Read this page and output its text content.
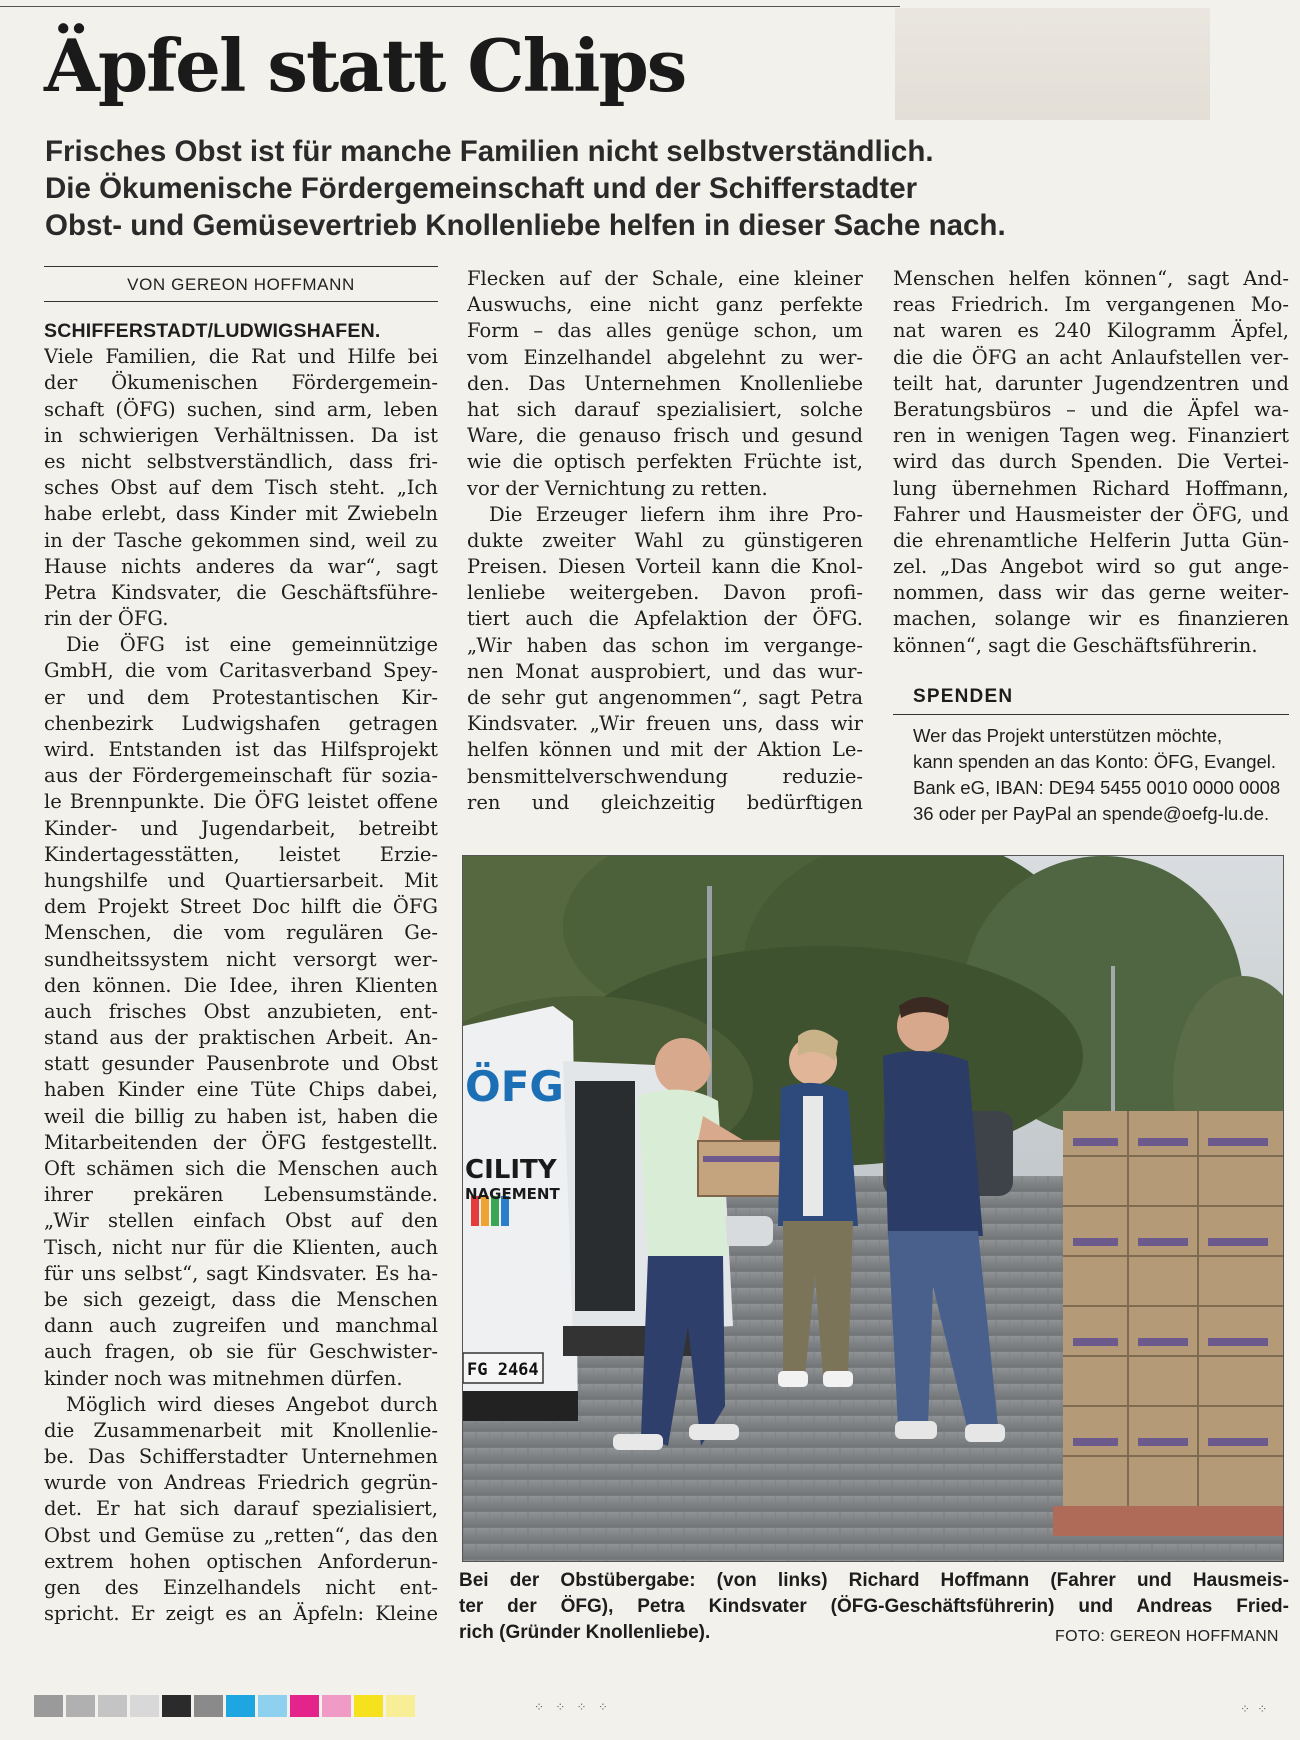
Äpfel statt Chips
Frisches Obst ist für manche Familien nicht selbstverständlich.
Die Ökumenische Fördergemeinschaft und der Schifferstadter
Obst- und Gemüsevertrieb Knollenliebe helfen in dieser Sache nach.
VON GEREON HOFFMANN
SCHIFFERSTADT/LUDWIGSHAFEN.
Viele Familien, die Rat und Hilfe bei
der Ökumenischen Fördergemein-
schaft (ÖFG) suchen, sind arm, leben
in schwierigen Verhältnissen. Da ist
es nicht selbstverständlich, dass fri-
sches Obst auf dem Tisch steht. „Ich
habe erlebt, dass Kinder mit Zwiebeln
in der Tasche gekommen sind, weil zu
Hause nichts anderes da war“, sagt
Petra Kindsvater, die Geschäftsführe-
rin der ÖFG.
Die ÖFG ist eine gemeinnützige
GmbH, die vom Caritasverband Spey-
er und dem Protestantischen Kir-
chenbezirk Ludwigshafen getragen
wird. Entstanden ist das Hilfsprojekt
aus der Fördergemeinschaft für sozia-
le Brennpunkte. Die ÖFG leistet offene
Kinder- und Jugendarbeit, betreibt
Kindertagesstätten, leistet Erzie-
hungshilfe und Quartiersarbeit. Mit
dem Projekt Street Doc hilft die ÖFG
Menschen, die vom regulären Ge-
sundheitssystem nicht versorgt wer-
den können. Die Idee, ihren Klienten
auch frisches Obst anzubieten, ent-
stand aus der praktischen Arbeit. An-
statt gesunder Pausenbrote und Obst
haben Kinder eine Tüte Chips dabei,
weil die billig zu haben ist, haben die
Mitarbeitenden der ÖFG festgestellt.
Oft schämen sich die Menschen auch
ihrer prekären Lebensumstände.
„Wir stellen einfach Obst auf den
Tisch, nicht nur für die Klienten, auch
für uns selbst“, sagt Kindsvater. Es ha-
be sich gezeigt, dass die Menschen
dann auch zugreifen und manchmal
auch fragen, ob sie für Geschwister-
kinder noch was mitnehmen dürfen.
Möglich wird dieses Angebot durch
die Zusammenarbeit mit Knollenlie-
be. Das Schifferstadter Unternehmen
wurde von Andreas Friedrich gegrün-
det. Er hat sich darauf spezialisiert,
Obst und Gemüse zu „retten“, das den
extrem hohen optischen Anforderun-
gen des Einzelhandels nicht ent-
spricht. Er zeigt es an Äpfeln: Kleine
Flecken auf der Schale, eine kleiner
Auswuchs, eine nicht ganz perfekte
Form – das alles genüge schon, um
vom Einzelhandel abgelehnt zu wer-
den. Das Unternehmen Knollenliebe
hat sich darauf spezialisiert, solche
Ware, die genauso frisch und gesund
wie die optisch perfekten Früchte ist,
vor der Vernichtung zu retten.
Die Erzeuger liefern ihm ihre Pro-
dukte zweiter Wahl zu günstigeren
Preisen. Diesen Vorteil kann die Knol-
lenliebe weitergeben. Davon profi-
tiert auch die Apfelaktion der ÖFG.
„Wir haben das schon im vergange-
nen Monat ausprobiert, und das wur-
de sehr gut angenommen“, sagt Petra
Kindsvater. „Wir freuen uns, dass wir
helfen können und mit der Aktion Le-
bensmittelverschwendung reduzie-
ren und gleichzeitig bedürftigen
Menschen helfen können“, sagt And-
reas Friedrich. Im vergangenen Mo-
nat waren es 240 Kilogramm Äpfel,
die die ÖFG an acht Anlaufstellen ver-
teilt hat, darunter Jugendzentren und
Beratungsbüros – und die Äpfel wa-
ren in wenigen Tagen weg. Finanziert
wird das durch Spenden. Die Vertei-
lung übernehmen Richard Hoffmann,
Fahrer und Hausmeister der ÖFG, und
die ehrenamtliche Helferin Jutta Gün-
zel. „Das Angebot wird so gut ange-
nommen, dass wir das gerne weiter-
machen, solange wir es finanzieren
können“, sagt die Geschäftsführerin.
SPENDEN
Wer das Projekt unterstützen möchte,
kann spenden an das Konto: ÖFG, Evangel.
Bank eG, IBAN: DE94 5455 0010 0000 0008
36 oder per PayPal an spende@oefg-lu.de.
ÖFG
CILITY
NAGEMENT
FG 2464
Bei der Obstübergabe: (von links) Richard Hoffmann (Fahrer und Hausmeis-
ter der ÖFG), Petra Kindsvater (ÖFG-Geschäftsführerin) und Andreas Fried-
rich (Gründer Knollenliebe).	FOTO: GEREON HOFFMANN
⁘ ⁘ ⁘ ⁘	⁘ ⁘
